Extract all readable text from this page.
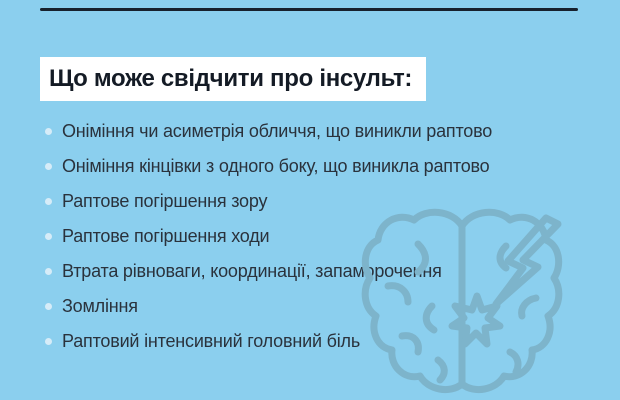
Що може свідчити про інсульт:
Оніміння чи асиметрія обличчя, що виникли раптово
Оніміння кінцівки з одного боку, що виникла раптово
Раптове погіршення зору
Раптове погіршення ходи
Втрата рівноваги, координації, запаморочення
Зомління
Раптовий інтенсивний головний біль
